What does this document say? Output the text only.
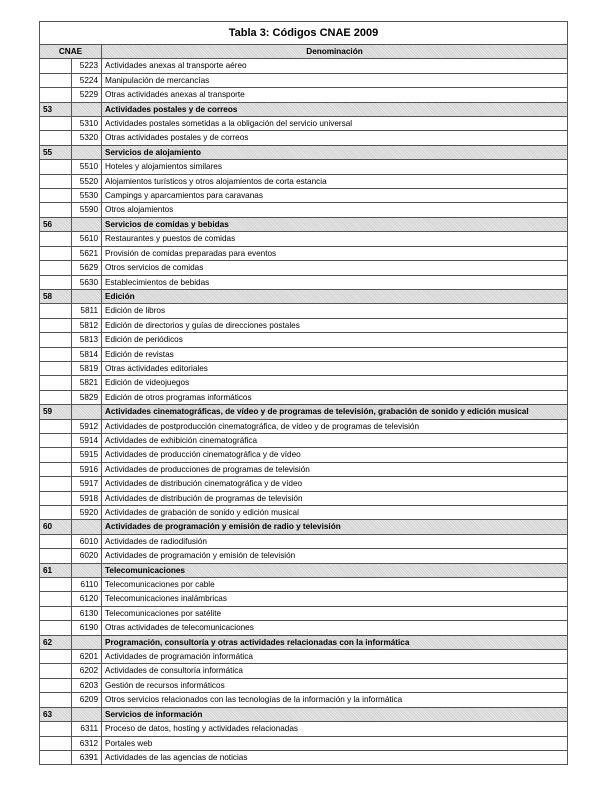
Tabla 3: Códigos CNAE 2009		
CNAE		Denominación
	5223	Actividades anexas al transporte aéreo
	5224	Manipulación de mercancías
	5229	Otras actividades anexas al transporte
53		Actividades postales y de correos
	5310	Actividades postales sometidas a la obligación del servicio universal
	5320	Otras actividades postales y de correos
55		Servicios de alojamiento
	5510	Hoteles y alojamientos similares
	5520	Alojamientos turísticos y otros alojamientos de corta estancia
	5530	Campings y aparcamientos para caravanas
	5590	Otros alojamientos
56		Servicios de comidas y bebidas
	5610	Restaurantes y puestos de comidas
	5621	Provisión de comidas preparadas para eventos
	5629	Otros servicios de comidas
	5630	Establecimientos de bebidas
58		Edición
	5811	Edición de libros
	5812	Edición de directorios y guías de direcciones postales
	5813	Edición de periódicos
	5814	Edición de revistas
	5819	Otras actividades editoriales
	5821	Edición de videojuegos
	5829	Edición de otros programas informáticos
59		Actividades cinematográficas, de vídeo y de programas de televisión, grabación de sonido y edición musical
	5912	Actividades de postproducción cinematográfica, de vídeo y de programas de televisión
	5914	Actividades de exhibición cinematográfica
	5915	Actividades de producción cinematográfica y de vídeo
	5916	Actividades de producciones de programas de televisión
	5917	Actividades de distribución cinematográfica y de vídeo
	5918	Actividades de distribución de programas de televisión
	5920	Actividades de grabación de sonido y edición musical
60		Actividades de programación y emisión de radio y televisión
	6010	Actividades de radiodifusión
	6020	Actividades de programación y emisión de televisión
61		Telecomunicaciones
	6110	Telecomunicaciones por cable
	6120	Telecomunicaciones inalámbricas
	6130	Telecomunicaciones por satélite
	6190	Otras actividades de telecomunicaciones
62		Programación, consultoría y otras actividades relacionadas con la informática
	6201	Actividades de programación informática
	6202	Actividades de consultoría informática
	6203	Gestión de recursos informáticos
	6209	Otros servicios relacionados con las tecnologías de la información y la informática
63		Servicios de información
	6311	Proceso de datos, hosting y actividades relacionadas
	6312	Portales web
	6391	Actividades de las agencias de noticias
